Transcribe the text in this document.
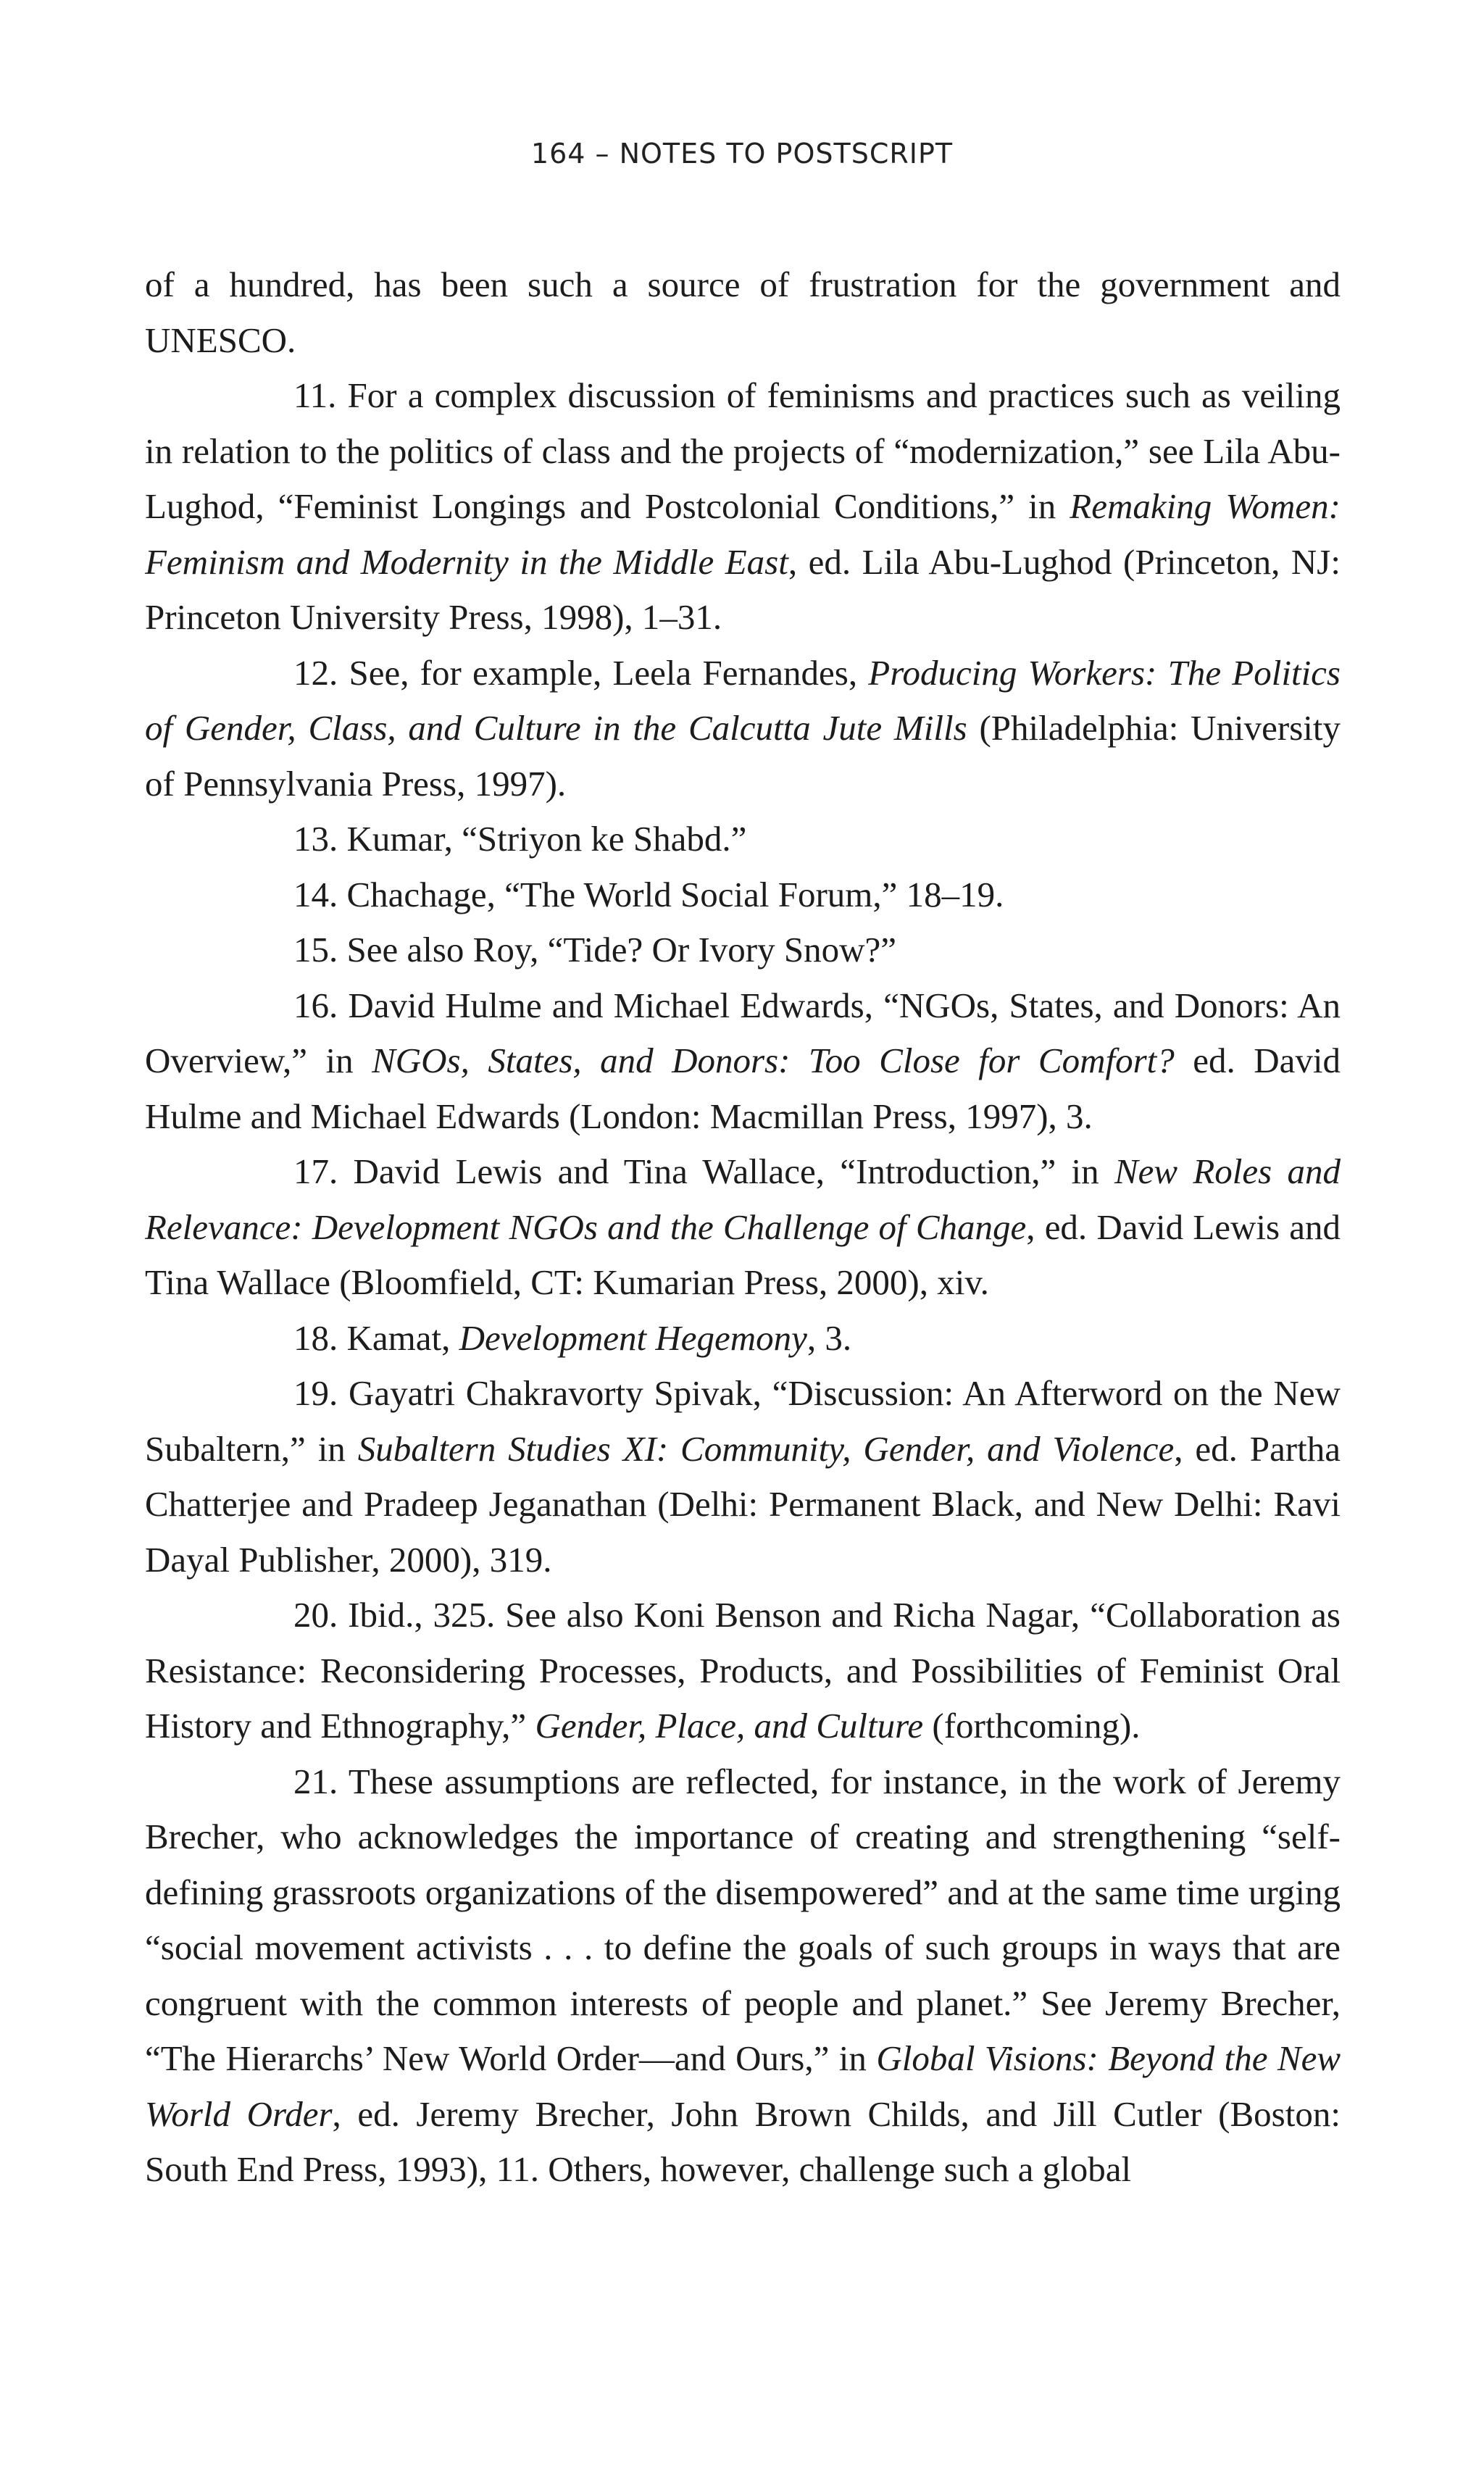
164 – NOTES TO POSTSCRIPT

of a hundred, has been such a source of frustration for the government and UNESCO.

11. For a complex discussion of feminisms and practices such as veiling in relation to the politics of class and the projects of “modernization,” see Lila Abu-Lughod, “Feminist Longings and Postcolonial Conditions,” in Remaking Women: Feminism and Modernity in the Middle East, ed. Lila Abu-Lughod (Princeton, NJ: Princeton University Press, 1998), 1–31.

12. See, for example, Leela Fernandes, Producing Workers: The Politics of Gender, Class, and Culture in the Calcutta Jute Mills (Philadelphia: University of Pennsylvania Press, 1997).

13. Kumar, “Striyon ke Shabd.”

14. Chachage, “The World Social Forum,” 18–19.

15. See also Roy, “Tide? Or Ivory Snow?”

16. David Hulme and Michael Edwards, “NGOs, States, and Donors: An Overview,” in NGOs, States, and Donors: Too Close for Comfort? ed. David Hulme and Michael Edwards (London: Macmillan Press, 1997), 3.

17. David Lewis and Tina Wallace, “Introduction,” in New Roles and Relevance: Development NGOs and the Challenge of Change, ed. David Lewis and Tina Wallace (Bloomfield, CT: Kumarian Press, 2000), xiv.

18. Kamat, Development Hegemony, 3.

19. Gayatri Chakravorty Spivak, “Discussion: An Afterword on the New Subaltern,” in Subaltern Studies XI: Community, Gender, and Violence, ed. Partha Chatterjee and Pradeep Jeganathan (Delhi: Permanent Black, and New Delhi: Ravi Dayal Publisher, 2000), 319.

20. Ibid., 325. See also Koni Benson and Richa Nagar, “Collaboration as Resistance: Reconsidering Processes, Products, and Possibilities of Feminist Oral History and Ethnography,” Gender, Place, and Culture (forthcoming).

21. These assumptions are reflected, for instance, in the work of Jeremy Brecher, who acknowledges the importance of creating and strengthening “self-defining grassroots organizations of the disempowered” and at the same time urging “social movement activists . . . to define the goals of such groups in ways that are congruent with the common interests of people and planet.” See Jeremy Brecher, “The Hierarchs’ New World Order—and Ours,” in Global Visions: Beyond the New World Order, ed. Jeremy Brecher, John Brown Childs, and Jill Cutler (Boston: South End Press, 1993), 11. Others, however, challenge such a global
